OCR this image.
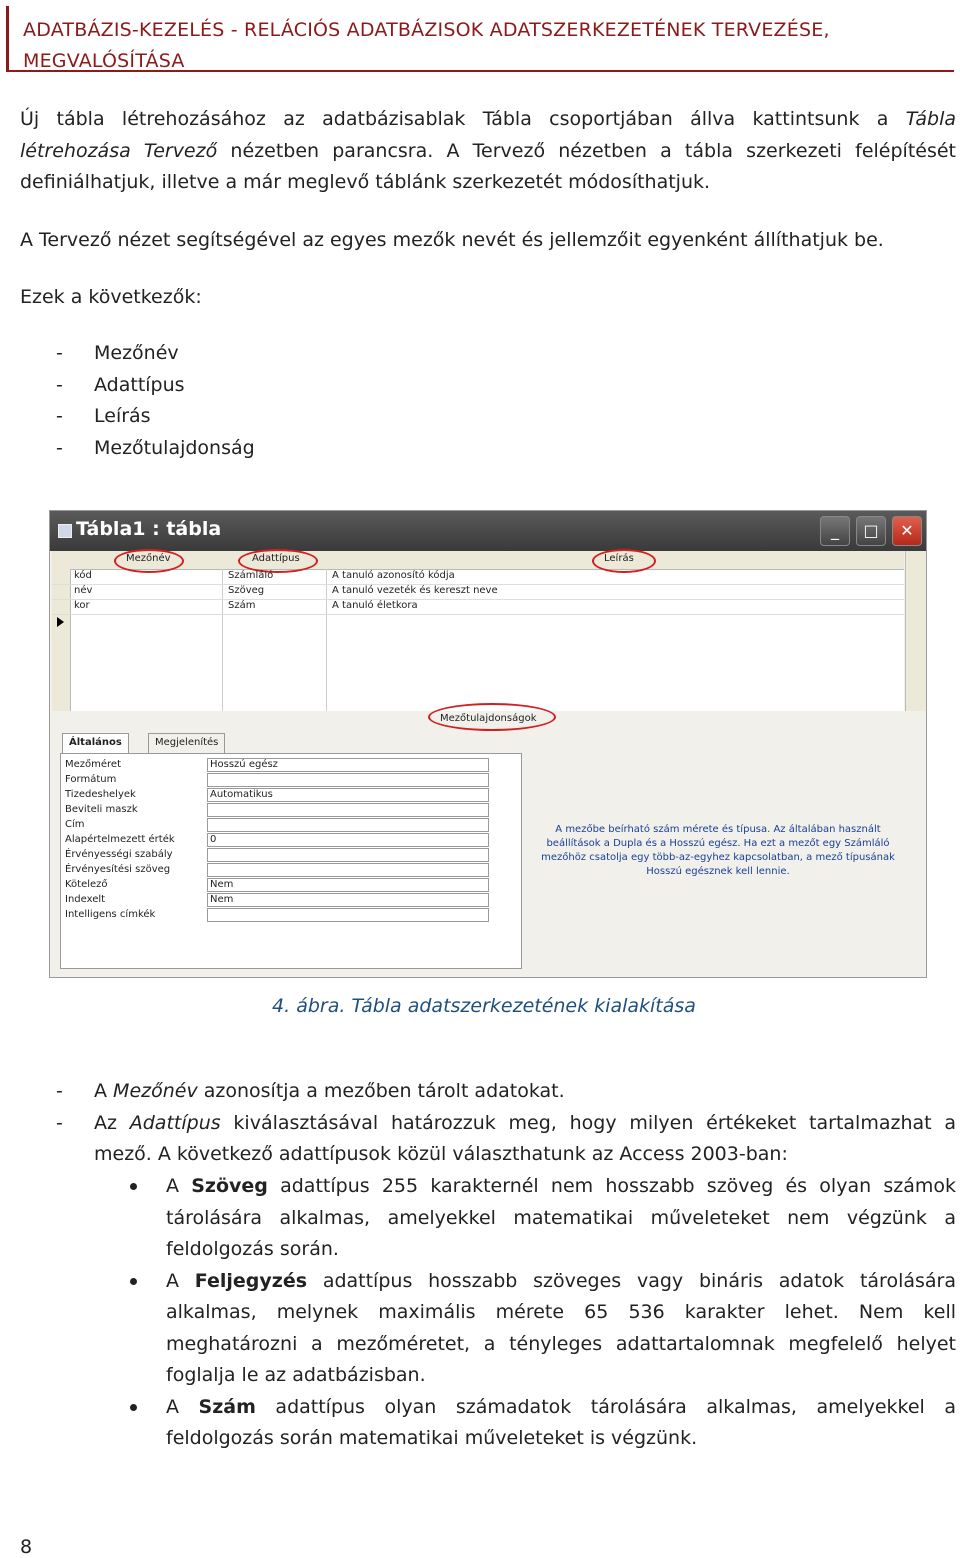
ADATBÁZIS-KEZELÉS - RELÁCIÓS ADATBÁZISOK ADATSZERKEZETÉNEK TERVEZÉSE,
MEGVALÓSÍTÁSA
Új tábla létrehozásához az adatbázisablak Tábla csoportjában állva kattintsunk a Tábla létrehozása Tervező nézetben parancsra. A Tervező nézetben a tábla szerkezeti felépítését definiálhatjuk, illetve a már meglevő táblánk szerkezetét módosíthatjuk.
A Tervező nézet segítségével az egyes mezők nevét és jellemzőit egyenként állíthatjuk be.
Ezek a következők:
-	Mezőnév
-	Adattípus
-	Leírás
-	Mezőtulajdonság
Tábla1 : tábla	_	□	✕
Mezőnév	Adattípus	Leírás
kód	Számláló	A tanuló azonosító kódja
név	Szöveg	A tanuló vezeték és kereszt neve
kor	Szám	A tanuló életkora
Mezőtulajdonságok
Általános	Megjelenítés
Mezőméret	Hosszú egész
Formátum
Tizedeshelyek	Automatikus
Beviteli maszk
Cím
Alapértelmezett érték	0
Érvényességi szabály
Érvényesítési szöveg
Kötelező	Nem
Indexelt	Nem
Intelligens címkék
A mezőbe beírható szám mérete és típusa. Az általában használt beállítások a Dupla és a Hosszú egész. Ha ezt a mezőt egy Számláló mezőhöz csatolja egy több-az-egyhez kapcsolatban, a mező típusának Hosszú egésznek kell lennie.
4. ábra. Tábla adatszerkezetének kialakítása
-	A Mezőnév azonosítja a mezőben tárolt adatokat.
-	Az Adattípus kiválasztásával határozzuk meg, hogy milyen értékeket tartalmazhat a mező. A következő adattípusok közül választhatunk az Access 2003-ban:
A Szöveg adattípus 255 karakternél nem hosszabb szöveg és olyan számok tárolására alkalmas, amelyekkel matematikai műveleteket nem végzünk a feldolgozás során.
A Feljegyzés adattípus hosszabb szöveges vagy bináris adatok tárolására alkalmas, melynek maximális mérete 65 536 karakter lehet. Nem kell meghatározni a mezőméretet, a tényleges adattartalomnak megfelelő helyet foglalja le az adatbázisban.
A Szám adattípus olyan számadatok tárolására alkalmas, amelyekkel a feldolgozás során matematikai műveleteket is végzünk.
8
